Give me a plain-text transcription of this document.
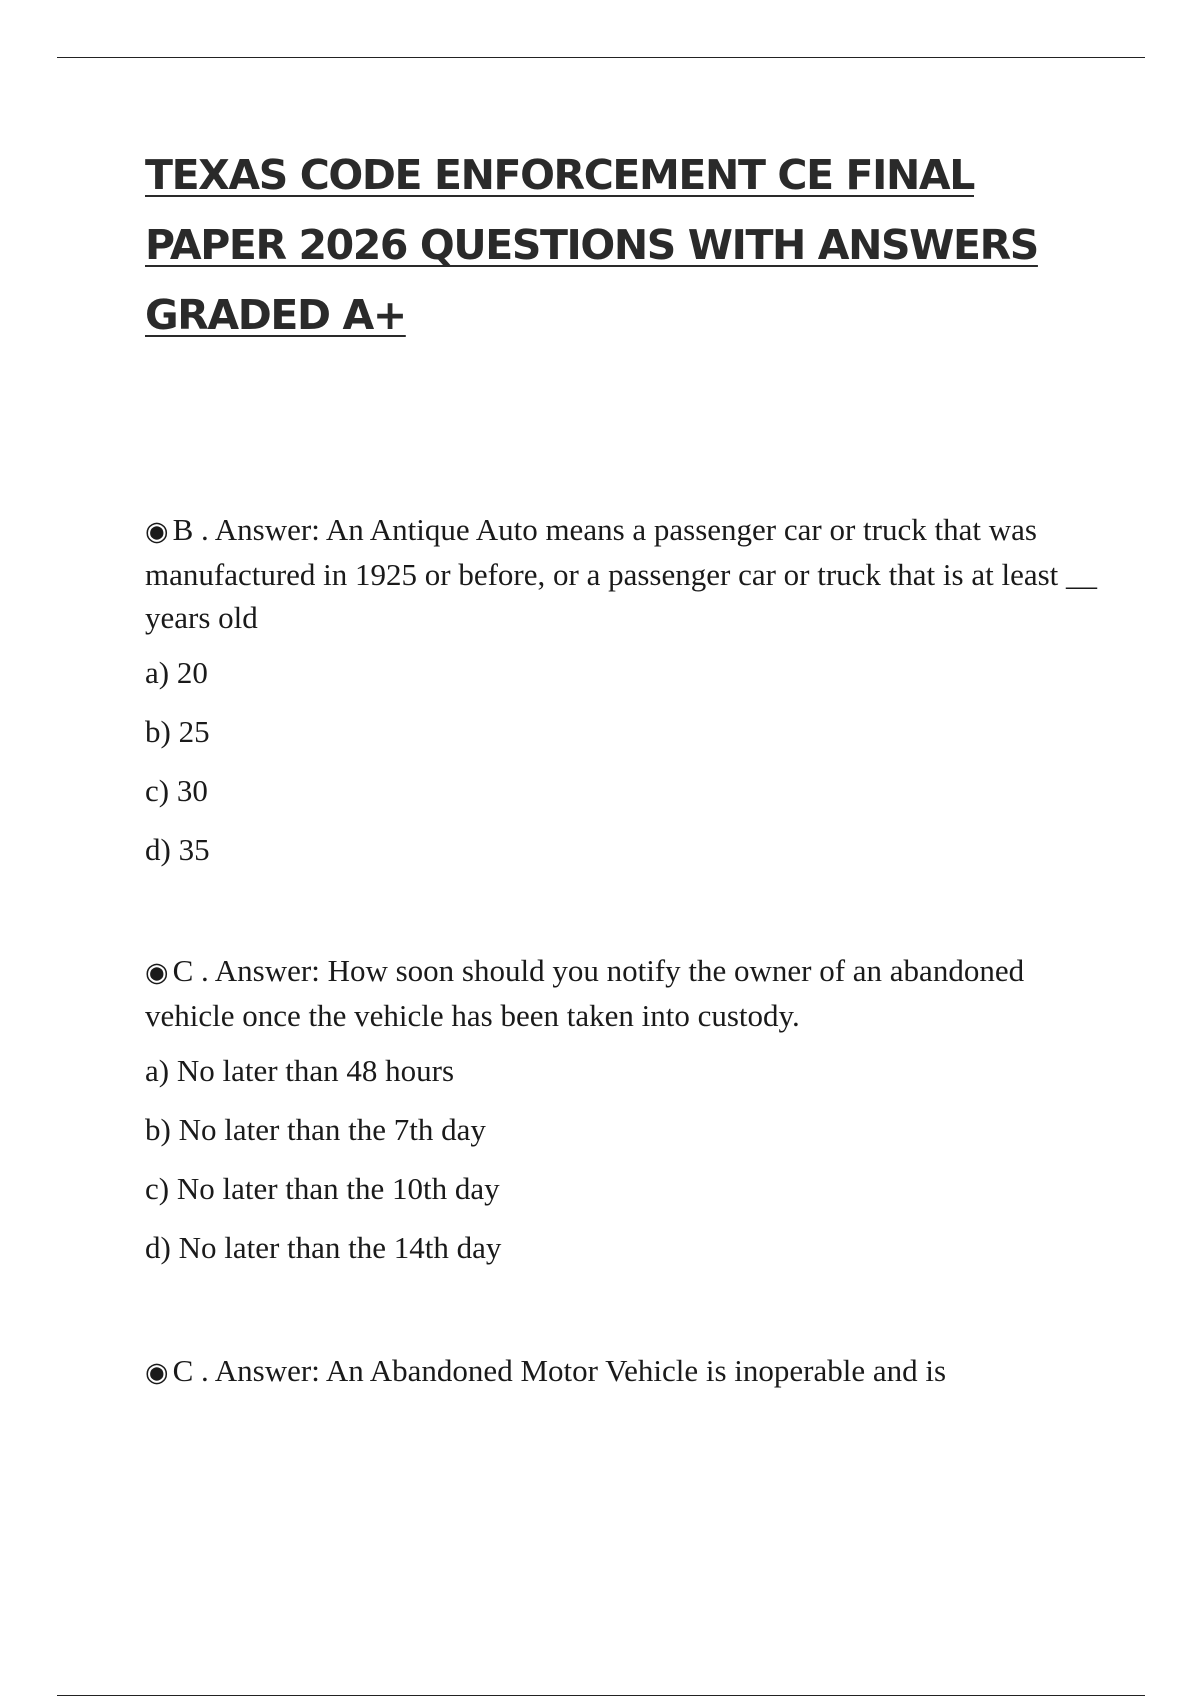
TEXAS CODE ENFORCEMENT CE FINAL PAPER 2026 QUESTIONS WITH ANSWERS GRADED A+

◉ B . Answer: An Antique Auto means a passenger car or truck that was manufactured in 1925 or before, or a passenger car or truck that is at least __ years old

a) 20

b) 25

c) 30

d) 35

◉ C . Answer: How soon should you notify the owner of an abandoned vehicle once the vehicle has been taken into custody.

a) No later than 48 hours

b) No later than the 7th day

c) No later than the 10th day

d) No later than the 14th day

◉ C . Answer: An Abandoned Motor Vehicle is inoperable and is
